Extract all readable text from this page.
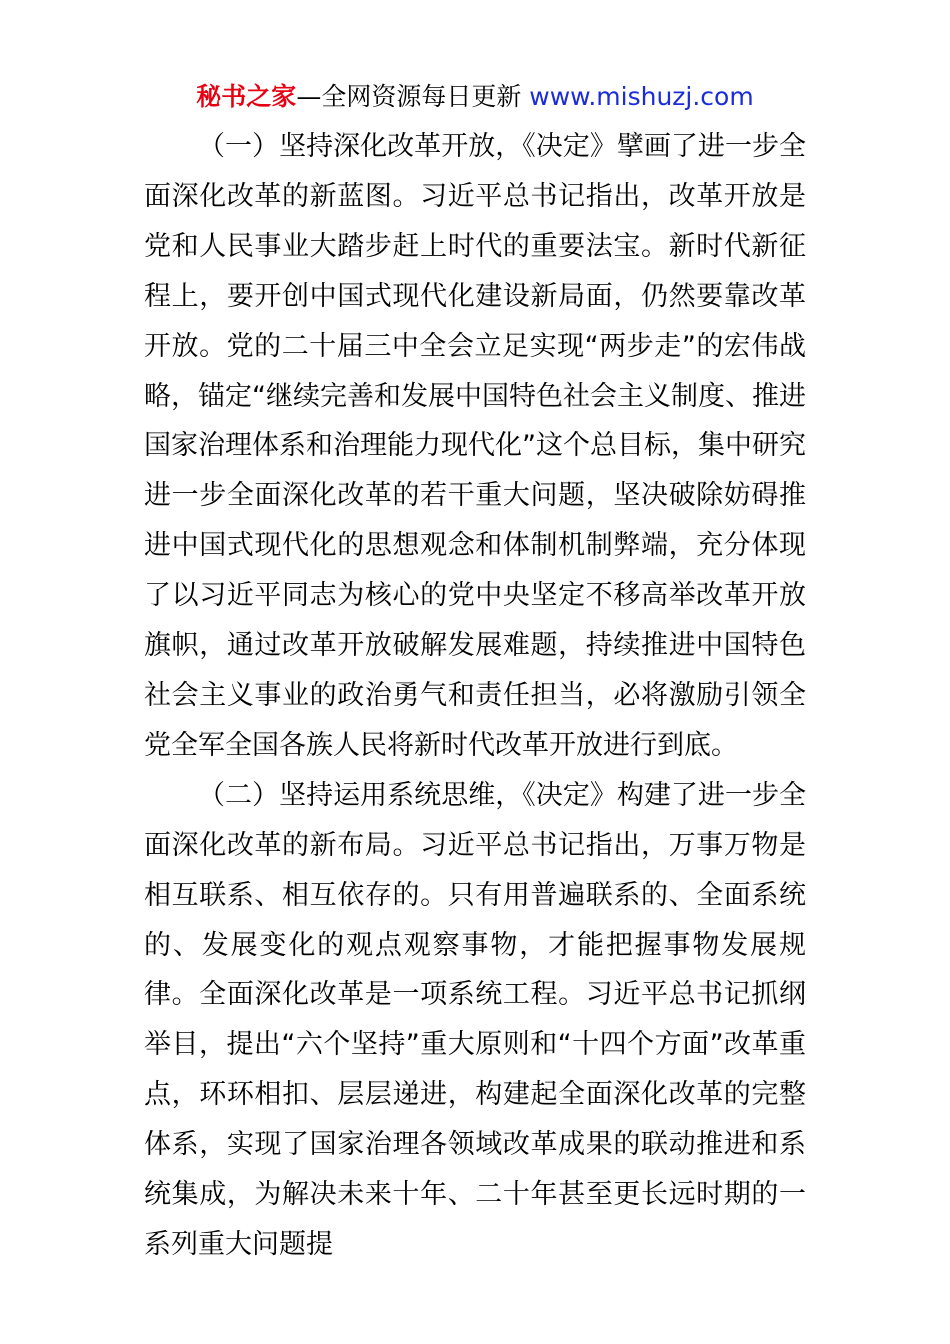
秘书之家—全网资源每日更新 www.mishuzj.com

（一）坚持深化改革开放，《决定》擘画了进一步全面深化改革的新蓝图。习近平总书记指出，改革开放是党和人民事业大踏步赶上时代的重要法宝。新时代新征程上，要开创中国式现代化建设新局面，仍然要靠改革开放。党的二十届三中全会立足实现“两步走”的宏伟战略，锚定“继续完善和发展中国特色社会主义制度、推进国家治理体系和治理能力现代化”这个总目标，集中研究进一步全面深化改革的若干重大问题，坚决破除妨碍推进中国式现代化的思想观念和体制机制弊端，充分体现了以习近平同志为核心的党中央坚定不移高举改革开放旗帜，通过改革开放破解发展难题，持续推进中国特色社会主义事业的政治勇气和责任担当，必将激励引领全党全军全国各族人民将新时代改革开放进行到底。

（二）坚持运用系统思维，《决定》构建了进一步全面深化改革的新布局。习近平总书记指出，万事万物是相互联系、相互依存的。只有用普遍联系的、全面系统的、发展变化的观点观察事物，才能把握事物发展规律。全面深化改革是一项系统工程。习近平总书记抓纲举目，提出“六个坚持”重大原则和“十四个方面”改革重点，环环相扣、层层递进，构建起全面深化改革的完整体系，实现了国家治理各领域改革成果的联动推进和系统集成，为解决未来十年、二十年甚至更长远时期的一系列重大问题提
